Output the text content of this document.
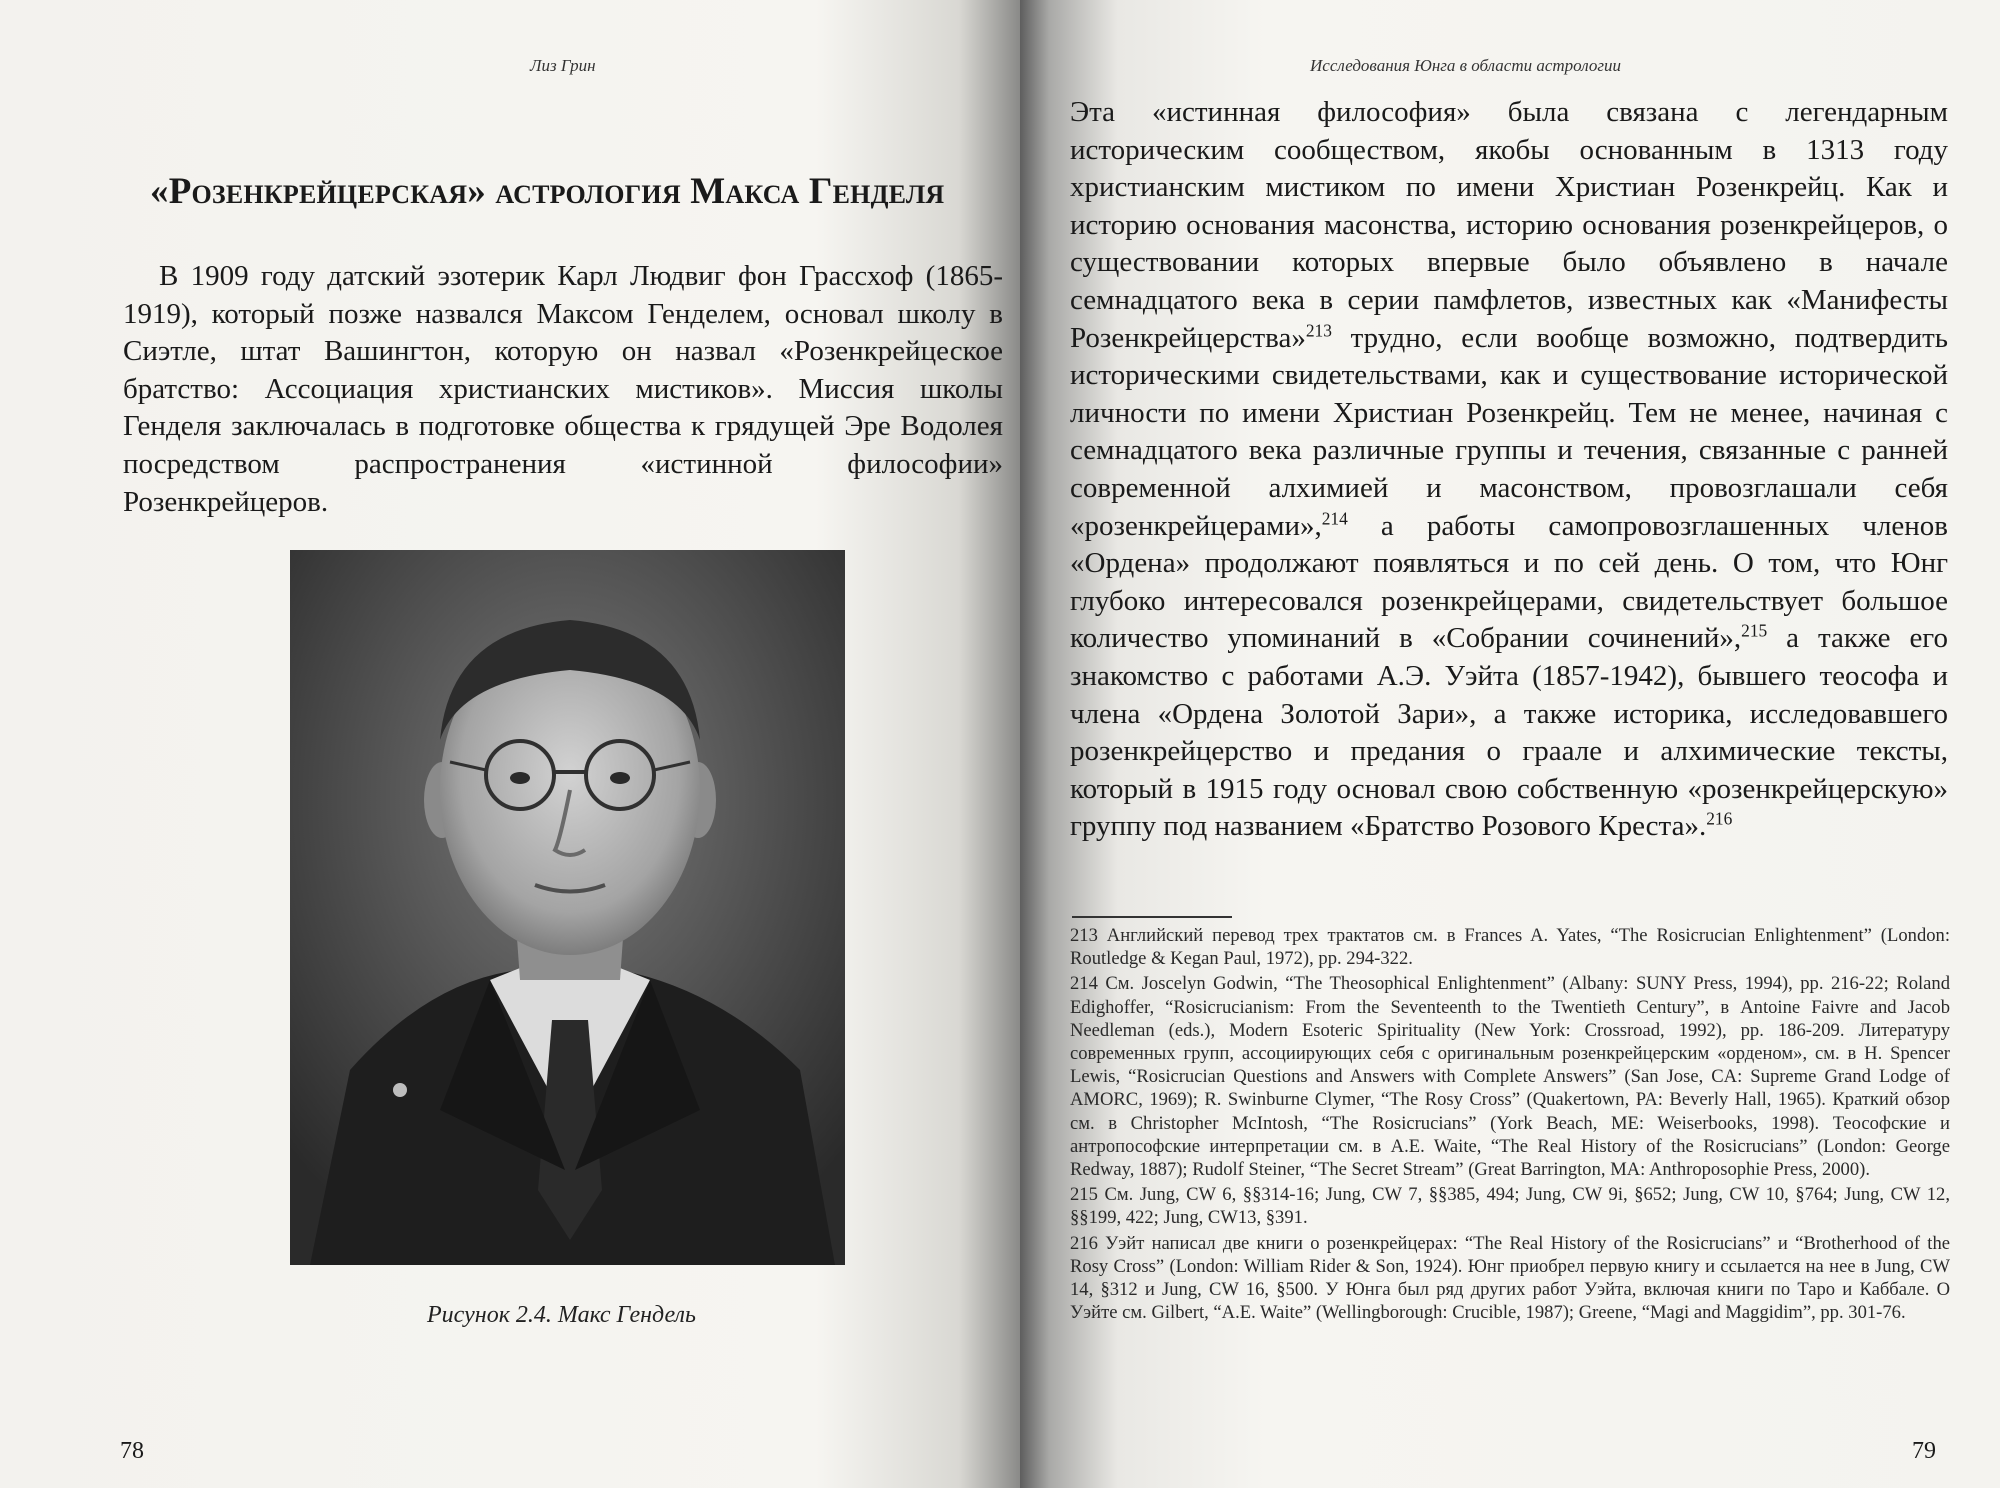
Лиз Грин
«Розенкрейцерская» астрология Макса Генделя
В 1909 году датский эзотерик Карл Людвиг фон Грассхоф (1865-1919), который позже назвался Максом Генделем, основал школу в Сиэтле, штат Вашингтон, которую он назвал «Розенкрейцеское братство: Ассоциация христианских мистиков». Миссия школы Генделя заключалась в подготовке общества к грядущей Эре Водолея посредством распространения «истинной философии» Розенкрейцеров.
Рисунок 2.4. Макс Гендель
78
Исследования Юнга в области астрологии
Эта «истинная философия» была связана с легендарным историческим сообществом, якобы основанным в 1313 году христианским мистиком по имени Христиан Розенкрейц. Как и историю основания масонства, историю основания розенкрейцеров, о существовании которых впервые было объявлено в начале семнадцатого века в серии памфлетов, известных как «Манифесты Розенкрейцерства»$^{213}$ трудно, если вообще возможно, подтвердить историческими свидетельствами, как и существование исторической личности по имени Христиан Розенкрейц. Тем не менее, начиная с семнадцатого века различные группы и течения, связанные с ранней современной алхимией и масонством, провозглашали себя «розенкрейцерами»,$^{214}$ а работы самопровозглашенных членов «Ордена» продолжают появляться и по сей день. О том, что Юнг глубоко интересовался розенкрейцерами, свидетельствует большое количество упоминаний в «Собрании сочинений»,$^{215}$ а также его знакомство с работами А.Э. Уэйта (1857-1942), бывшего теософа и члена «Ордена Золотой Зари», а также историка, исследовавшего розенкрейцерство и предания о граале и алхимические тексты, который в 1915 году основал свою собственную «розенкрейцерскую» группу под названием «Братство Розового Креста».$^{216}$
213 Английский перевод трех трактатов см. в Frances A. Yates, “The Rosicrucian Enlightenment” (London: Routledge & Kegan Paul, 1972), pp. 294-322.
214 См. Joscelyn Godwin, “The Theosophical Enlightenment” (Albany: SUNY Press, 1994), pp. 216-22; Roland Edighoffer, “Rosicrucianism: From the Seventeenth to the Twentieth Century”, в Antoine Faivre and Jacob Needleman (eds.), Modern Esoteric Spirituality (New York: Crossroad, 1992), pp. 186-209. Литературу современных групп, ассоциирующих себя с оригинальным розенкрейцерским «орденом», см. в H. Spencer Lewis, “Rosicrucian Questions and Answers with Complete Answers” (San Jose, CA: Supreme Grand Lodge of AMORC, 1969); R. Swinburne Clymer, “The Rosy Cross” (Quakertown, PA: Beverly Hall, 1965). Краткий обзор см. в Christopher McIntosh, “The Rosicrucians” (York Beach, ME: Weiserbooks, 1998). Теософские и антропософские интерпретации см. в A.E. Waite, “The Real History of the Rosicrucians” (London: George Redway, 1887); Rudolf Steiner, “The Secret Stream” (Great Barrington, MA: Anthroposophie Press, 2000).
215 См. Jung, CW 6, §§314-16; Jung, CW 7, §§385, 494; Jung, CW 9i, §652; Jung, CW 10, §764; Jung, CW 12, §§199, 422; Jung, CW13, §391.
216 Уэйт написал две книги о розенкрейцерах: “The Real History of the Rosicrucians” и “Brotherhood of the Rosy Cross” (London: William Rider & Son, 1924). Юнг приобрел первую книгу и ссылается на нее в Jung, CW 14, §312 и Jung, CW 16, §500. У Юнга был ряд других работ Уэйта, включая книги по Таро и Каббале. О Уэйте см. Gilbert, “A.E. Waite” (Wellingborough: Crucible, 1987); Greene, “Magi and Maggidim”, pp. 301-76.
79
